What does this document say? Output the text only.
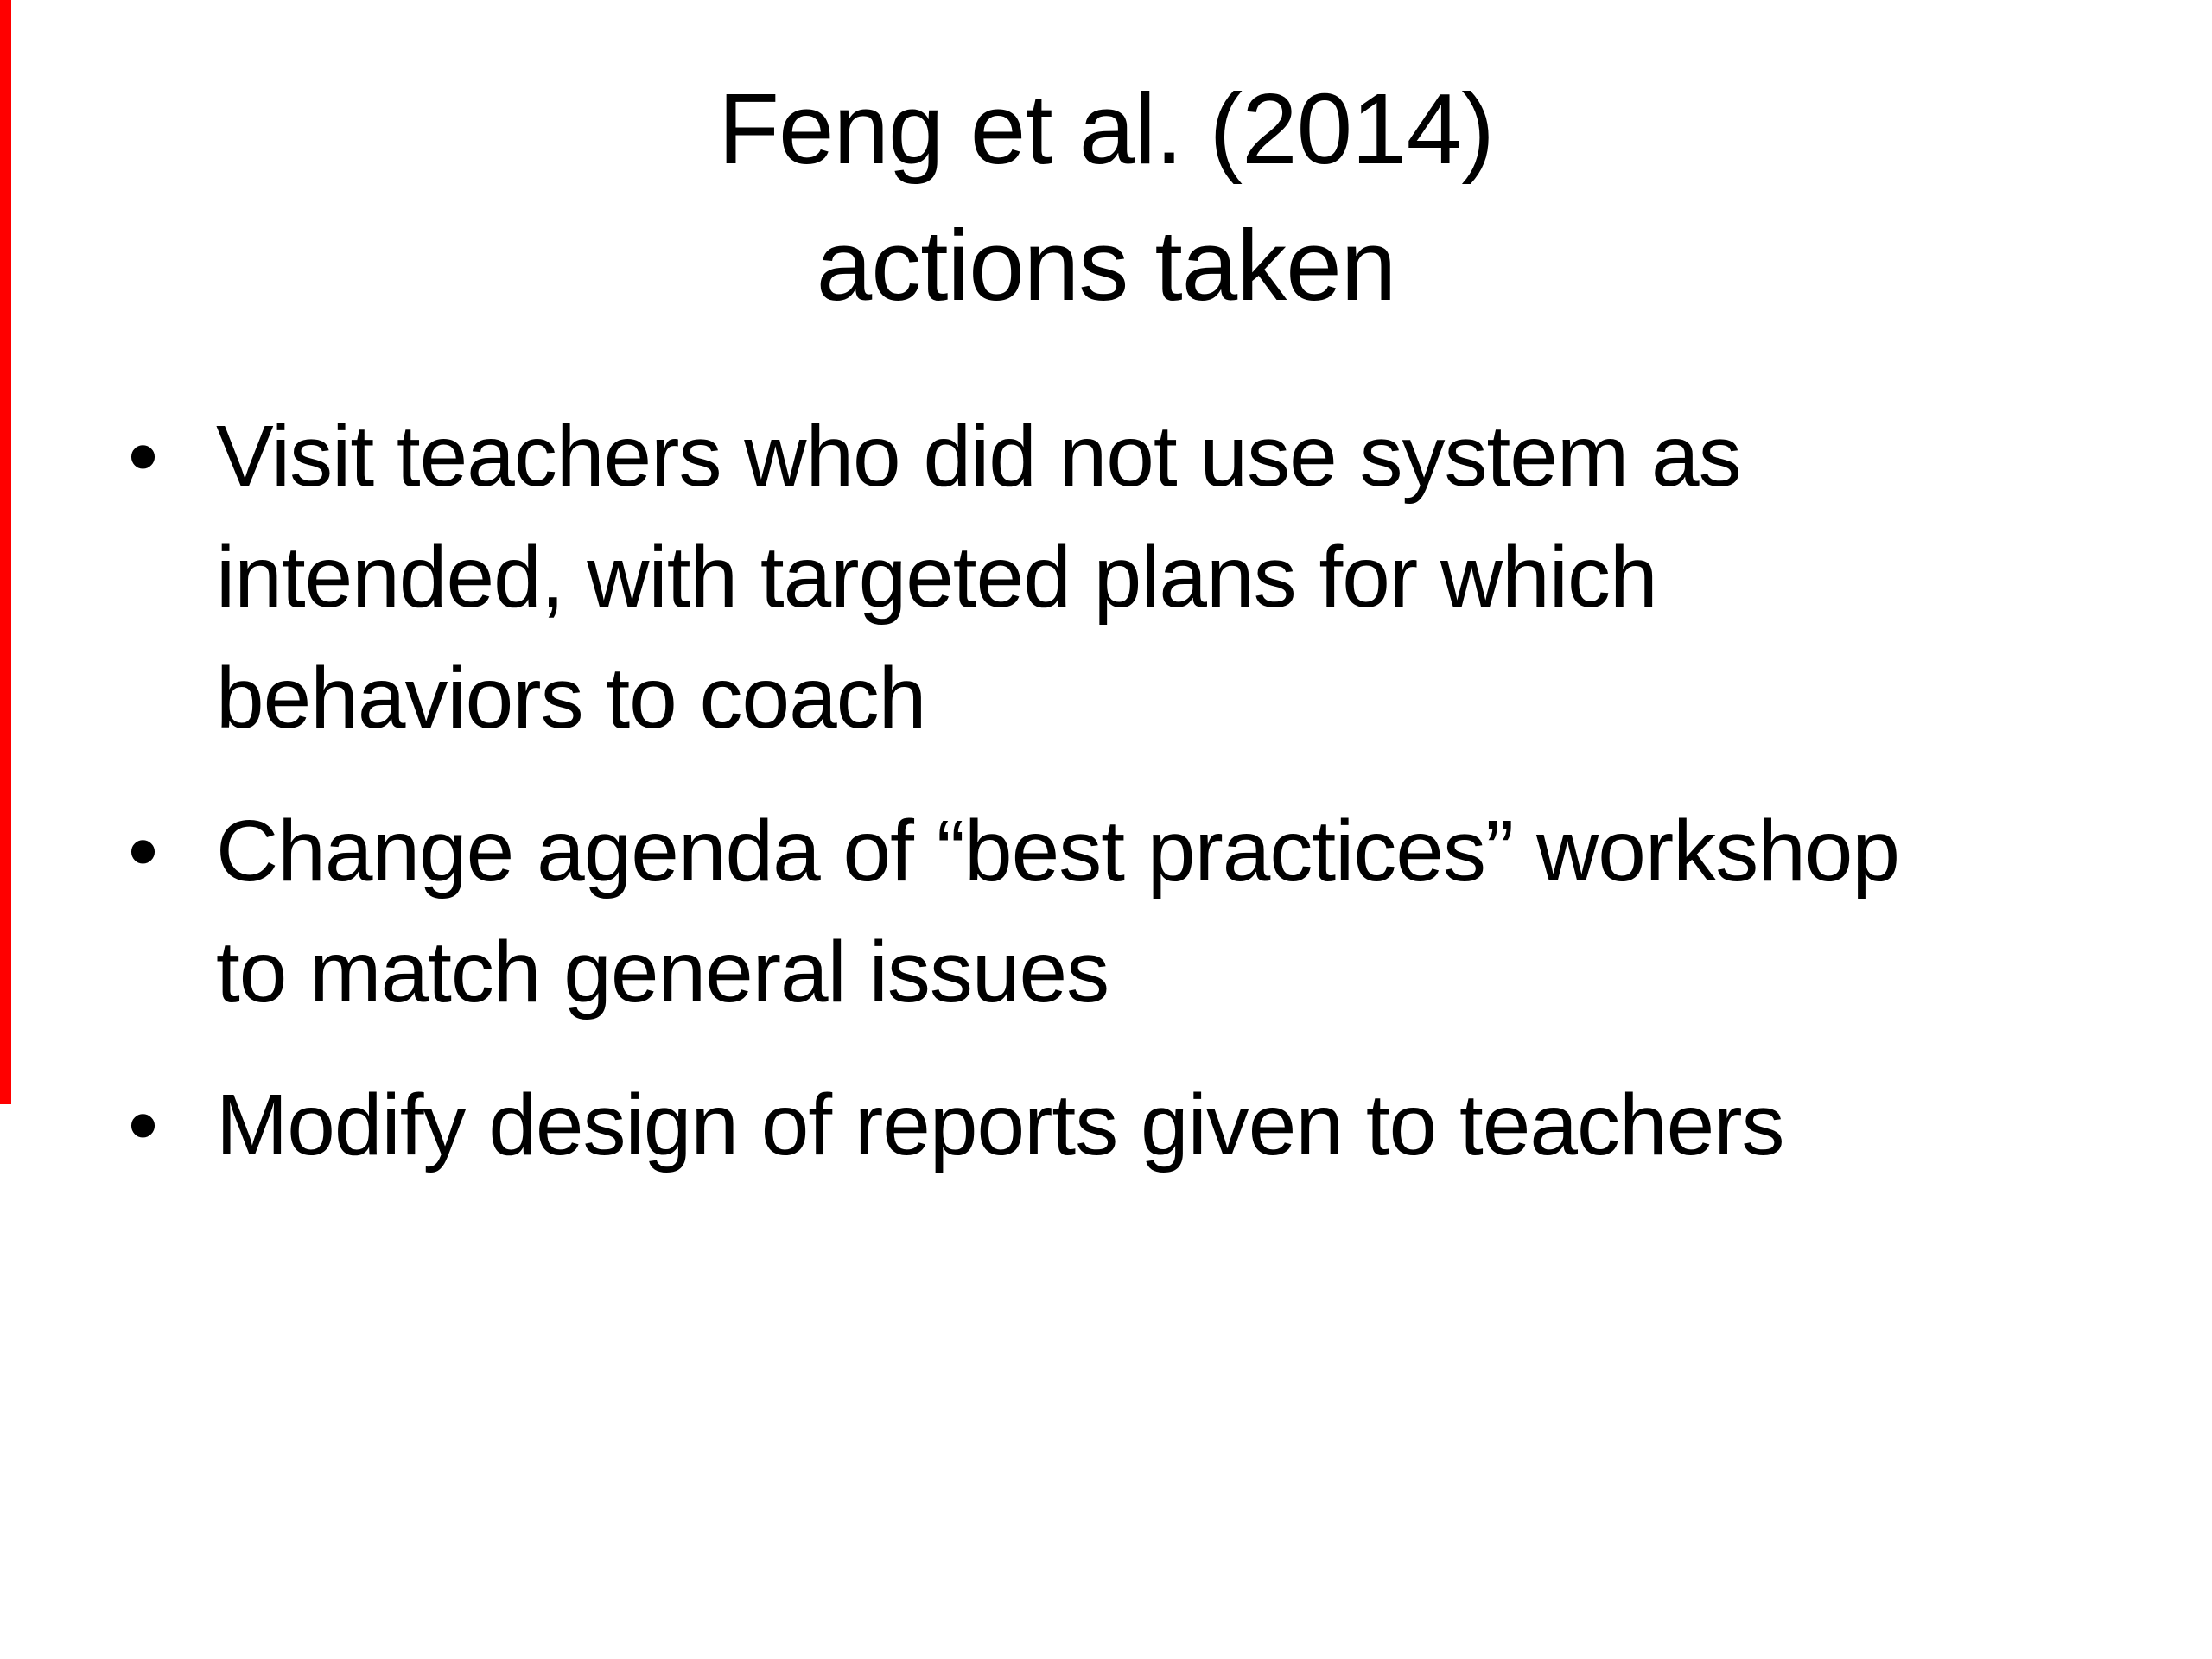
Feng et al. (2014)
actions taken
• Visit teachers who did not use system as
intended, with targeted plans for which
behaviors to coach
• Change agenda of “best practices” workshop
to match general issues
• Modify design of reports given to teachers
